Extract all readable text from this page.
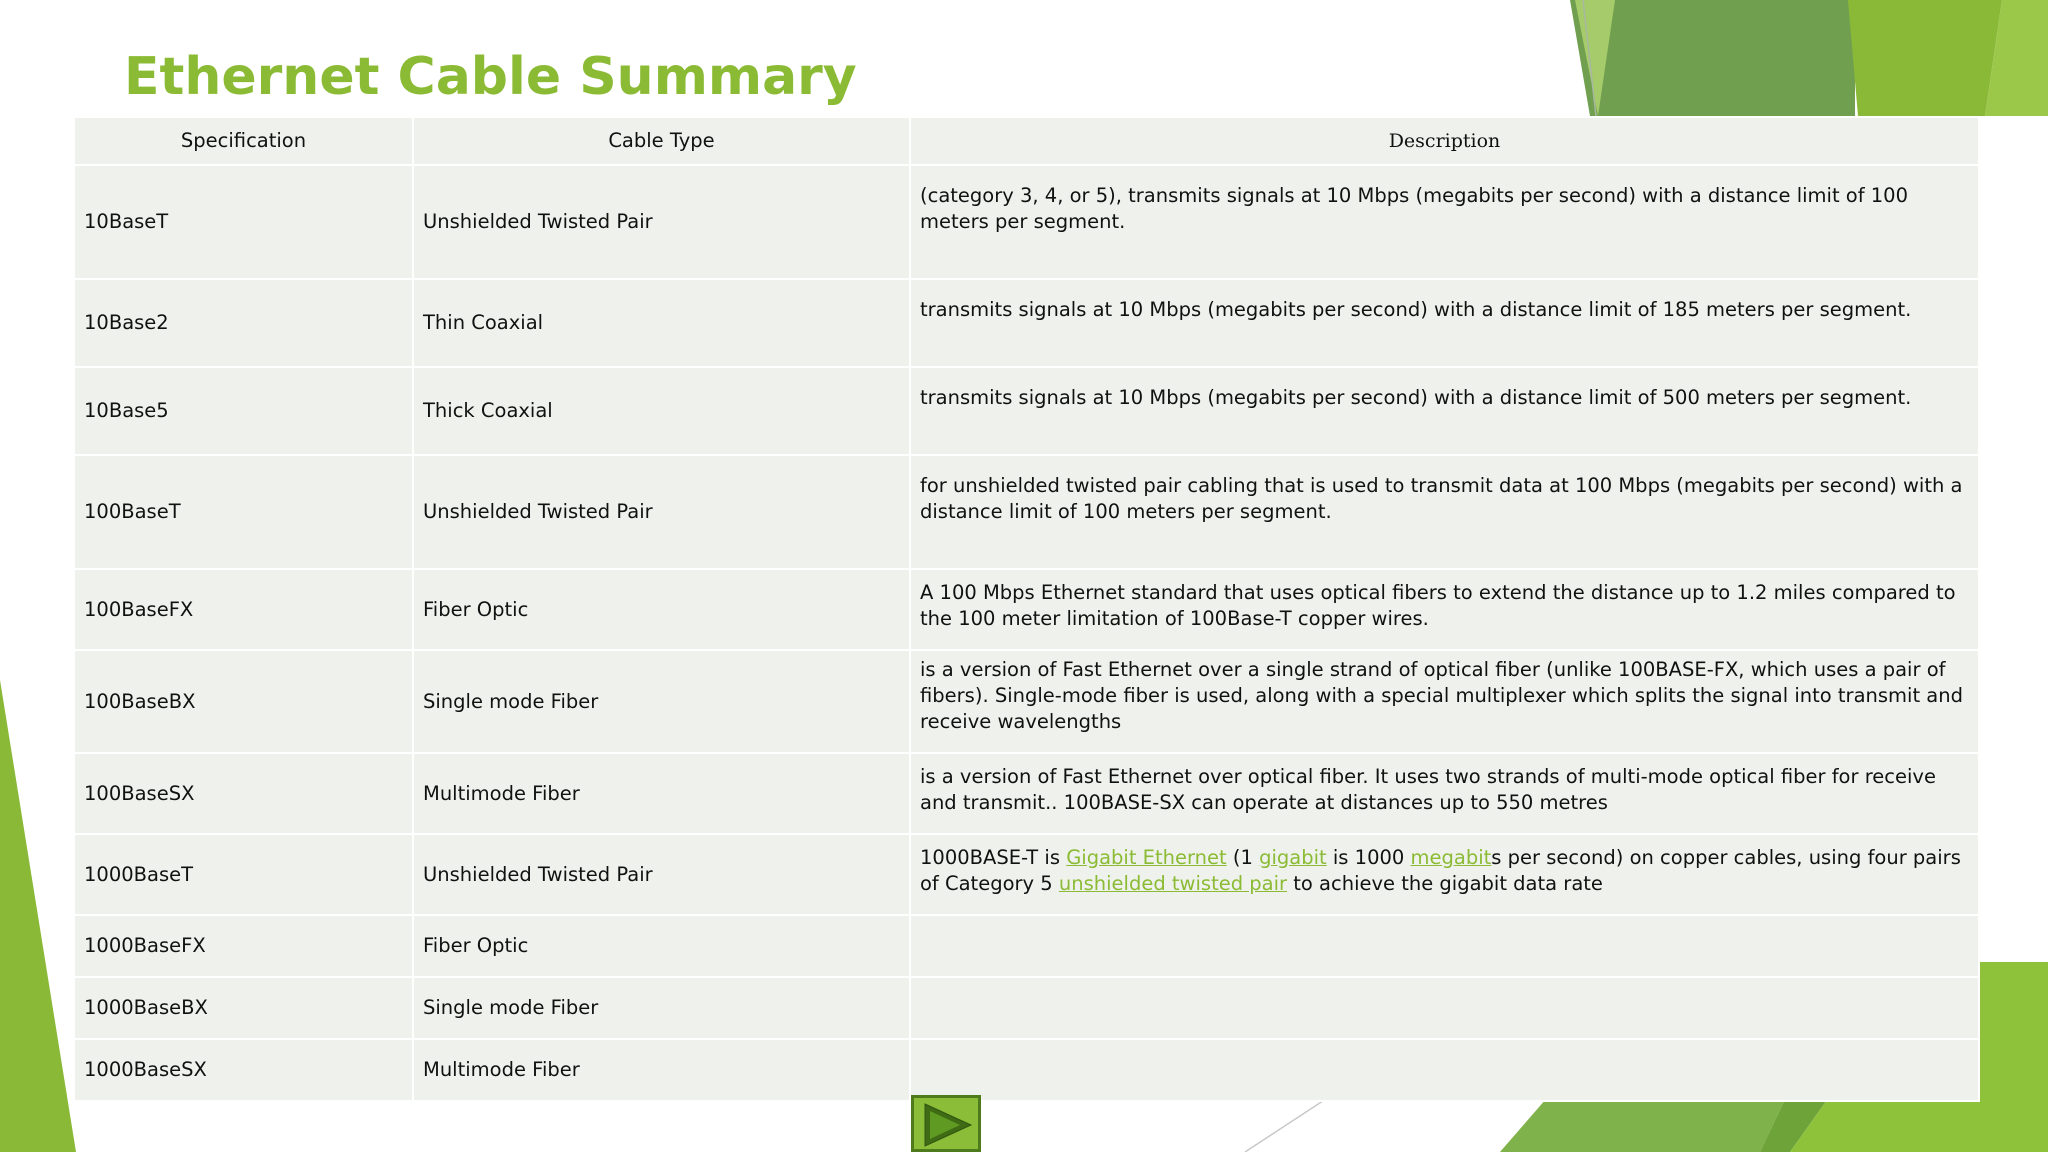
Ethernet Cable Summary
Specification	Cable Type	Description
10BaseT	Unshielded Twisted Pair	(category 3, 4, or 5), transmits signals at 10 Mbps (megabits per second) with a distance limit of 100 meters per segment.
10Base2	Thin Coaxial	transmits signals at 10 Mbps (megabits per second) with a distance limit of 185 meters per segment.
10Base5	Thick Coaxial	transmits signals at 10 Mbps (megabits per second) with a distance limit of 500 meters per segment.
100BaseT	Unshielded Twisted Pair	for unshielded twisted pair cabling that is used to transmit data at 100 Mbps (megabits per second) with a distance limit of 100 meters per segment.
100BaseFX	Fiber Optic	A 100 Mbps Ethernet standard that uses optical fibers to extend the distance up to 1.2 miles compared to the 100 meter limitation of 100Base-T copper wires.
100BaseBX	Single mode Fiber	is a version of Fast Ethernet over a single strand of optical fiber (unlike 100BASE-FX, which uses a pair of fibers). Single-mode fiber is used, along with a special multiplexer which splits the signal into transmit and receive wavelengths
100BaseSX	Multimode Fiber	is a version of Fast Ethernet over optical fiber. It uses two strands of multi-mode optical fiber for receive and transmit.. 100BASE-SX can operate at distances up to 550 metres
1000BaseT	Unshielded Twisted Pair	1000BASE-T is Gigabit Ethernet (1 gigabit is 1000 megabits per second) on copper cables, using four pairs of Category 5 unshielded twisted pair to achieve the gigabit data rate
1000BaseFX	Fiber Optic	
1000BaseBX	Single mode Fiber	
1000BaseSX	Multimode Fiber	
